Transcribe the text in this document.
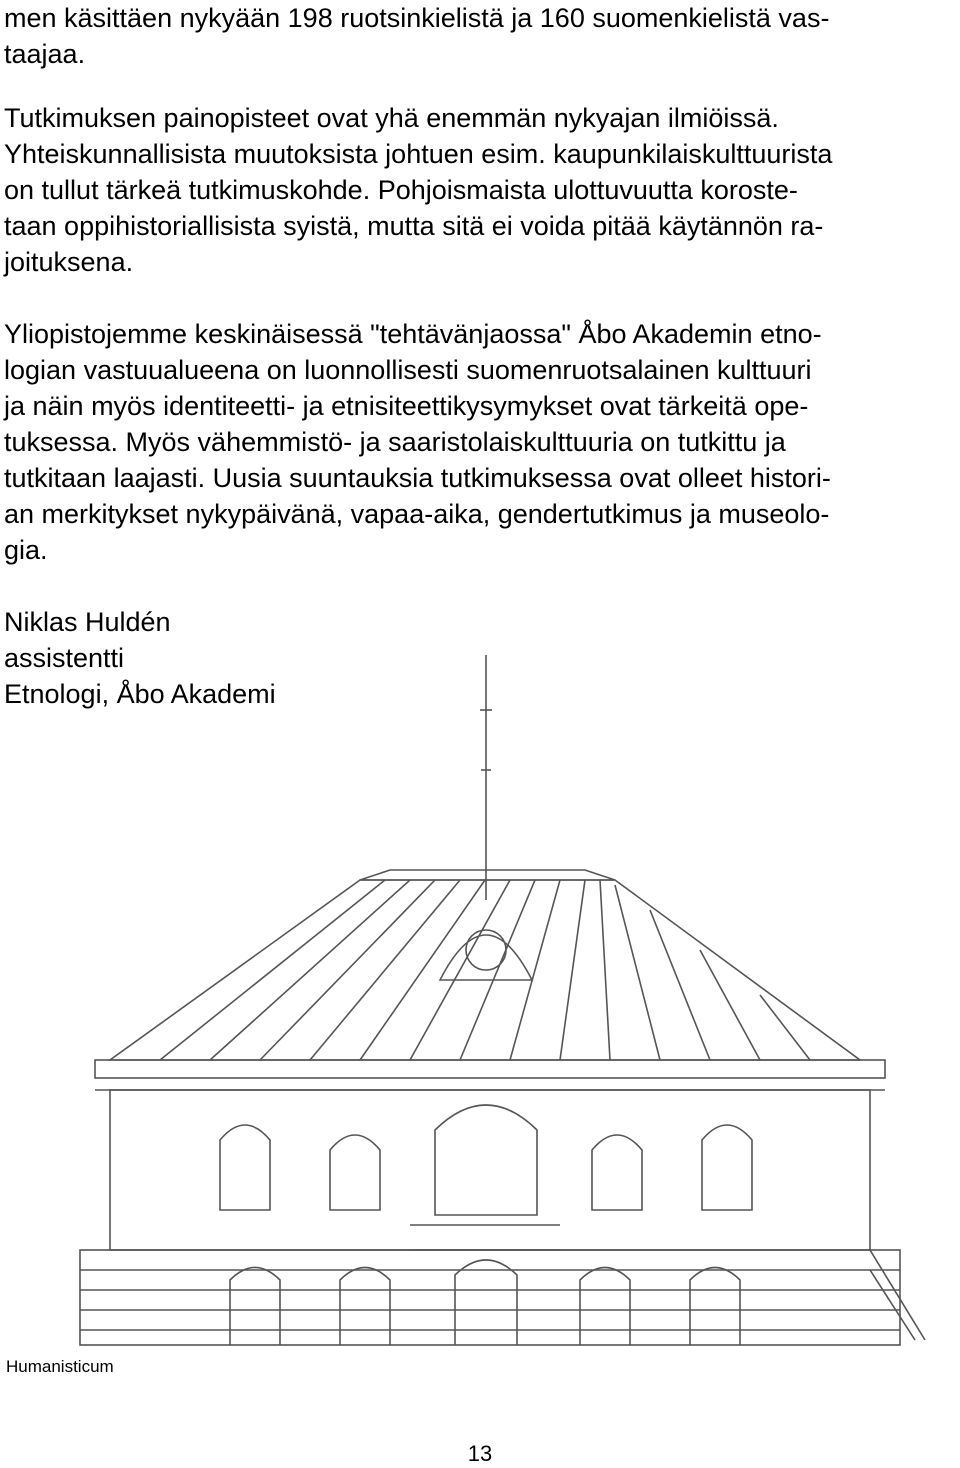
men käsittäen nykyään 198 ruotsinkielistä ja 160 suomenkielistä vas-
taajaa.
Tutkimuksen painopisteet ovat yhä enemmän nykyajan ilmiöissä.
Yhteiskunnallisista muutoksista johtuen esim. kaupunkilaiskulttuurista
on tullut tärkeä tutkimuskohde. Pohjoismaista ulottuvuutta koroste-
taan oppihistoriallisista syistä, mutta sitä ei voida pitää käytännön ra-
joituksena.
Yliopistojemme keskinäisessä "tehtävänjaossa" Åbo Akademin etno-
logian vastuualueena on luonnollisesti suomenruotsalainen kulttuuri
ja näin myös identiteetti- ja etnisiteettikysymykset ovat tärkeitä ope-
tuksessa. Myös vähemmistö- ja saaristolaiskulttuuria on tutkittu ja
tutkitaan laajasti. Uusia suuntauksia tutkimuksessa ovat olleet histori-
an merkitykset nykypäivänä, vapaa-aika, gendertutkimus ja museolo-
gia.
Niklas Huldén
assistentti
Etnologi, Åbo Akademi
Humanisticum
13
